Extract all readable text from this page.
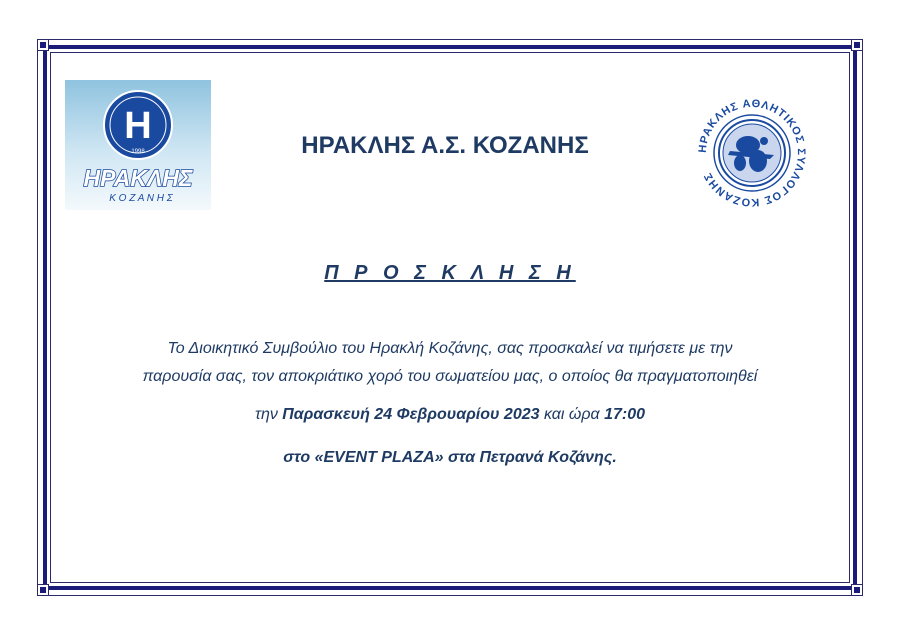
H
1998
ΗΡΑΚΛΗΣ
Κ Ο Ζ Α Ν Η Σ
ΗΡΑΚΛΗΣ Α.Σ. ΚΟΖΑΝΗΣ	ΗΡΑΚΛΗΣ ΑΘΛΗΤΙΚΟΣ ΣΥΛΛΟΓΟΣ ΚΟΖΑΝΗΣ

Π Ρ Ο Σ Κ Λ Η Σ Η

Το Διοικητικό Συμβούλιο του Ηρακλή Κοζάνης, σας προσκαλεί να τιμήσετε με την

παρουσία σας, τον αποκριάτικο χορό του σωματείου μας, ο οποίος θα πραγματοποιηθεί

την Παρασκευή 24 Φεβρουαρίου 2023 και ώρα 17:00

στο «EVENT PLAZA» στα Πετρανά Κοζάνης.
